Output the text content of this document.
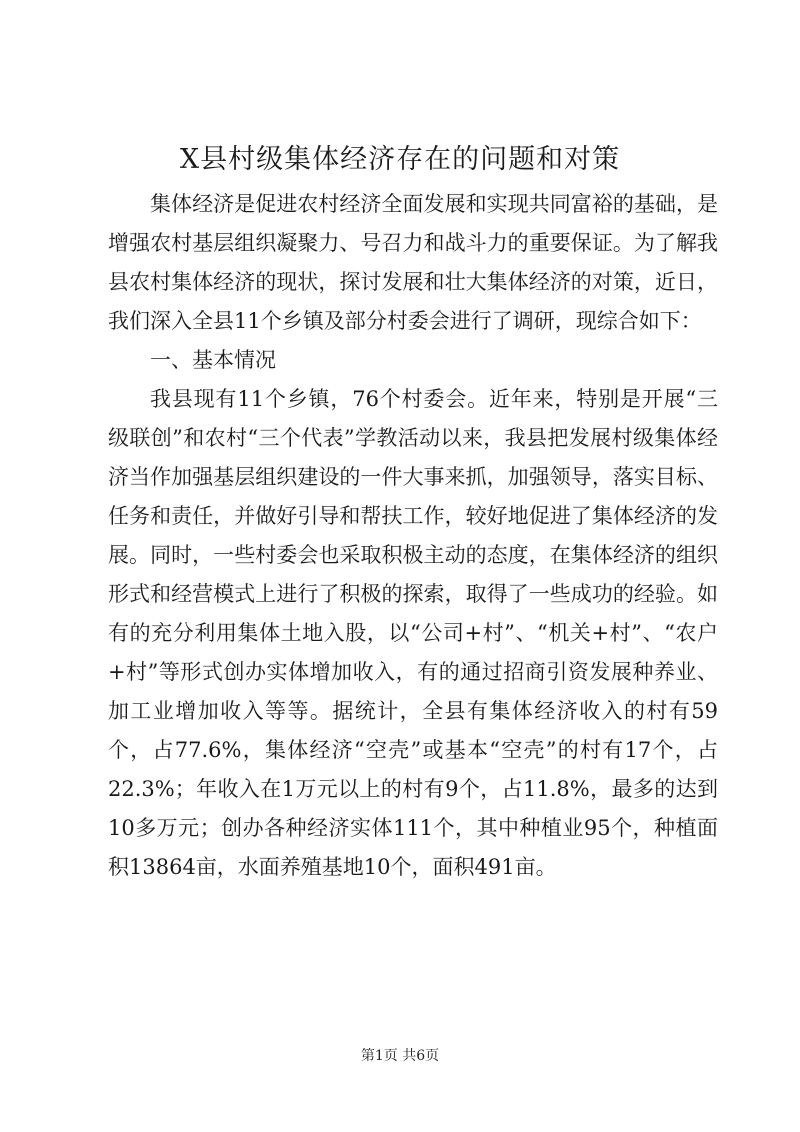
X县村级集体经济存在的问题和对策

集体经济是促进农村经济全面发展和实现共同富裕的基础，是增强农村基层组织凝聚力、号召力和战斗力的重要保证。为了解我县农村集体经济的现状，探讨发展和壮大集体经济的对策，近日，我们深入全县11个乡镇及部分村委会进行了调研，现综合如下：

一、基本情况

我县现有11个乡镇，76个村委会。近年来，特别是开展“三级联创”和农村“三个代表”学教活动以来，我县把发展村级集体经济当作加强基层组织建设的一件大事来抓，加强领导，落实目标、任务和责任，并做好引导和帮扶工作，较好地促进了集体经济的发展。同时，一些村委会也采取积极主动的态度，在集体经济的组织形式和经营模式上进行了积极的探索，取得了一些成功的经验。如有的充分利用集体土地入股，以“公司+村”、“机关+村”、“农户+村”等形式创办实体增加收入，有的通过招商引资发展种养业、加工业增加收入等等。据统计，全县有集体经济收入的村有59个，占77.6%，集体经济“空壳”或基本“空壳”的村有17个，占22.3%；年收入在1万元以上的村有9个，占11.8%，最多的达到10多万元；创办各种经济实体111个，其中种植业95个，种植面积13864亩，水面养殖基地10个，面积491亩。

第1页 共6页
